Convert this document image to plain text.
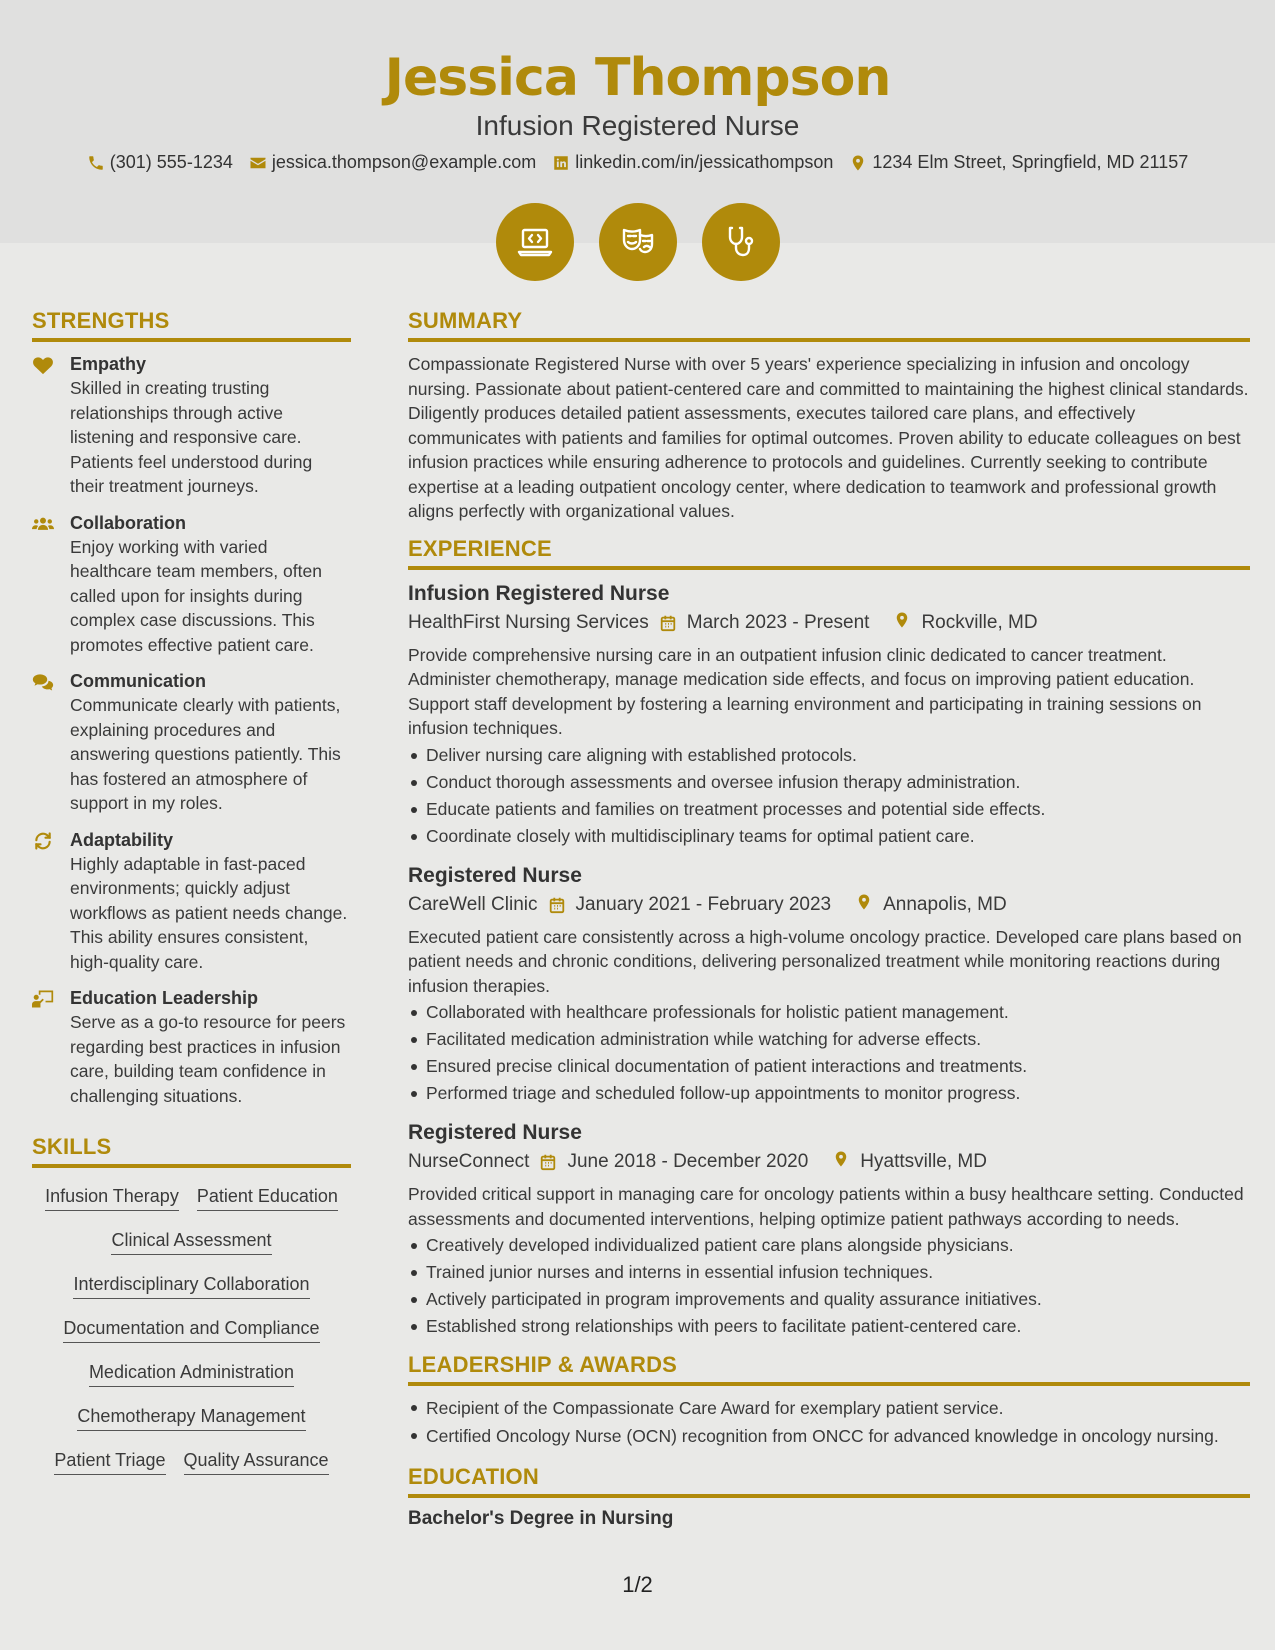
Jessica Thompson
Infusion Registered Nurse
(301) 555-1234 jessica.thompson@example.com linkedin.com/in/jessicathompson 1234 Elm Street, Springfield, MD 21157
STRENGTHS
Empathy
Skilled in creating trusting relationships through active listening and responsive care. Patients feel understood during their treatment journeys.
Collaboration
Enjoy working with varied healthcare team members, often called upon for insights during complex case discussions. This promotes effective patient care.
Communication
Communicate clearly with patients, explaining procedures and answering questions patiently. This has fostered an atmosphere of support in my roles.
Adaptability
Highly adaptable in fast-paced environments; quickly adjust workflows as patient needs change. This ability ensures consistent, high-quality care.
Education Leadership
Serve as a go-to resource for peers regarding best practices in infusion care, building team confidence in challenging situations.
SKILLS
Infusion Therapy Patient Education
Clinical Assessment
Interdisciplinary Collaboration
Documentation and Compliance
Medication Administration
Chemotherapy Management
Patient Triage Quality Assurance
SUMMARY
Compassionate Registered Nurse with over 5 years' experience specializing in infusion and oncology nursing. Passionate about patient-centered care and committed to maintaining the highest clinical standards. Diligently produces detailed patient assessments, executes tailored care plans, and effectively communicates with patients and families for optimal outcomes. Proven ability to educate colleagues on best infusion practices while ensuring adherence to protocols and guidelines. Currently seeking to contribute expertise at a leading outpatient oncology center, where dedication to teamwork and professional growth aligns perfectly with organizational values.
EXPERIENCE
Infusion Registered Nurse
HealthFirst Nursing Services March 2023 - Present	Rockville, MD
Provide comprehensive nursing care in an outpatient infusion clinic dedicated to cancer treatment. Administer chemotherapy, manage medication side effects, and focus on improving patient education. Support staff development by fostering a learning environment and participating in training sessions on infusion techniques.
Deliver nursing care aligning with established protocols.
Conduct thorough assessments and oversee infusion therapy administration.
Educate patients and families on treatment processes and potential side effects.
Coordinate closely with multidisciplinary teams for optimal patient care.
Registered Nurse
CareWell Clinic January 2021 - February 2023	Annapolis, MD
Executed patient care consistently across a high-volume oncology practice. Developed care plans based on patient needs and chronic conditions, delivering personalized treatment while monitoring reactions during infusion therapies.
Collaborated with healthcare professionals for holistic patient management.
Facilitated medication administration while watching for adverse effects.
Ensured precise clinical documentation of patient interactions and treatments.
Performed triage and scheduled follow-up appointments to monitor progress.
Registered Nurse
NurseConnect June 2018 - December 2020	Hyattsville, MD
Provided critical support in managing care for oncology patients within a busy healthcare setting. Conducted assessments and documented interventions, helping optimize patient pathways according to needs.
Creatively developed individualized patient care plans alongside physicians.
Trained junior nurses and interns in essential infusion techniques.
Actively participated in program improvements and quality assurance initiatives.
Established strong relationships with peers to facilitate patient-centered care.
LEADERSHIP & AWARDS
Recipient of the Compassionate Care Award for exemplary patient service.
Certified Oncology Nurse (OCN) recognition from ONCC for advanced knowledge in oncology nursing.
EDUCATION
Bachelor's Degree in Nursing
1/2
